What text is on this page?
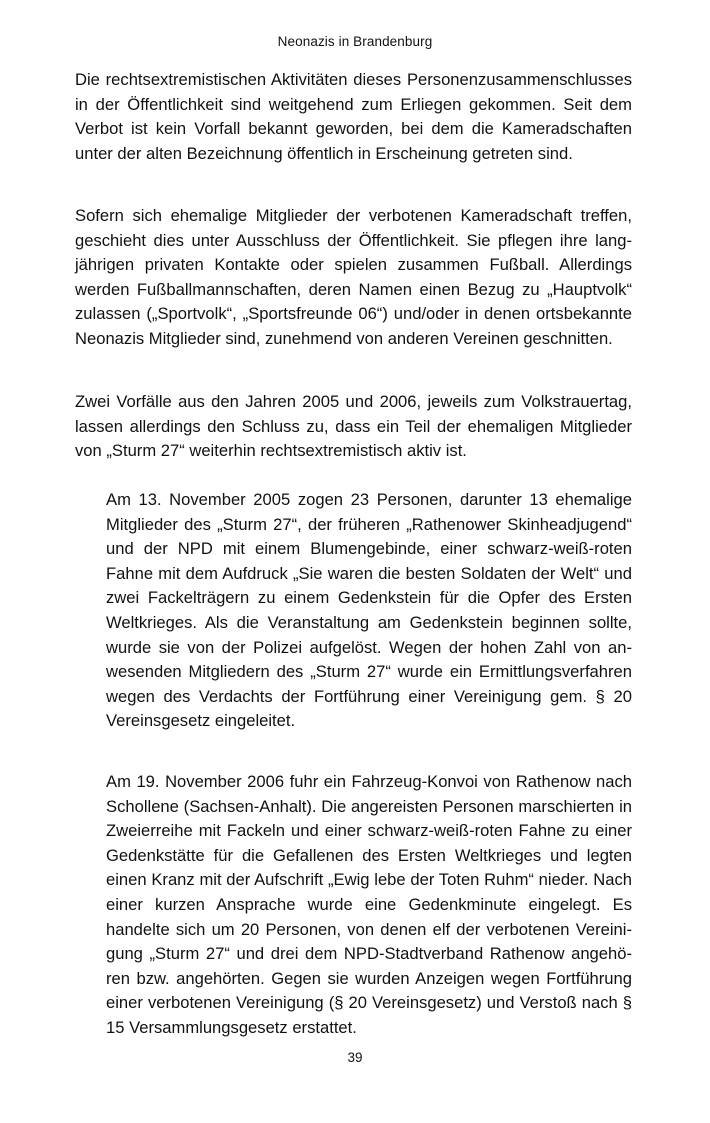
Neonazis in Brandenburg

Die rechtsextremistischen Aktivitäten dieses Personenzusammenschlusses in der Öffentlichkeit sind weitgehend zum Erliegen gekommen. Seit dem Verbot ist kein Vorfall bekannt geworden, bei dem die Kameradschaften unter der alten Bezeichnung öffentlich in Erscheinung getreten sind.

Sofern sich ehemalige Mitglieder der verbotenen Kameradschaft treffen, geschieht dies unter Ausschluss der Öffentlichkeit. Sie pflegen ihre langjährigen privaten Kontakte oder spielen zusammen Fußball. Allerdings werden Fußballmannschaften, deren Namen einen Bezug zu „Hauptvolk“ zulassen („Sportvolk“, „Sportsfreunde 06“) und/oder in denen ortsbekannte Neonazis Mitglieder sind, zunehmend von anderen Vereinen geschnitten.

Zwei Vorfälle aus den Jahren 2005 und 2006, jeweils zum Volkstrauertag, lassen allerdings den Schluss zu, dass ein Teil der ehemaligen Mitglieder von „Sturm 27“ weiterhin rechtsextremistisch aktiv ist.

Am 13. November 2005 zogen 23 Personen, darunter 13 ehemalige Mitglieder des „Sturm 27“, der früheren „Rathenower Skinheadjugend“ und der NPD mit einem Blumengebinde, einer schwarz-weiß-roten Fahne mit dem Aufdruck „Sie waren die besten Soldaten der Welt“ und zwei Fackelträgern zu einem Gedenkstein für die Opfer des Ersten Weltkrieges. Als die Veranstaltung am Gedenkstein beginnen sollte, wurde sie von der Polizei aufgelöst. Wegen der hohen Zahl von anwesenden Mitgliedern des „Sturm 27“ wurde ein Ermittlungsverfahren wegen des Verdachts der Fortführung einer Vereinigung gem. § 20 Vereinsgesetz eingeleitet.

Am 19. November 2006 fuhr ein Fahrzeug-Konvoi von Rathenow nach Schollene (Sachsen-Anhalt). Die angereisten Personen marschierten in Zweierreihe mit Fackeln und einer schwarz-weiß-roten Fahne zu einer Gedenkstätte für die Gefallenen des Ersten Weltkrieges und legten einen Kranz mit der Aufschrift „Ewig lebe der Toten Ruhm“ nieder. Nach einer kurzen Ansprache wurde eine Gedenkminute eingelegt. Es handelte sich um 20 Personen, von denen elf der verbotenen Vereinigung „Sturm 27“ und drei dem NPD-Stadtverband Rathenow angehören bzw. angehörten. Gegen sie wurden Anzeigen wegen Fortführung einer verbotenen Vereinigung (§ 20 Vereinsgesetz) und Verstoß nach § 15 Versammlungsgesetz erstattet.

39
